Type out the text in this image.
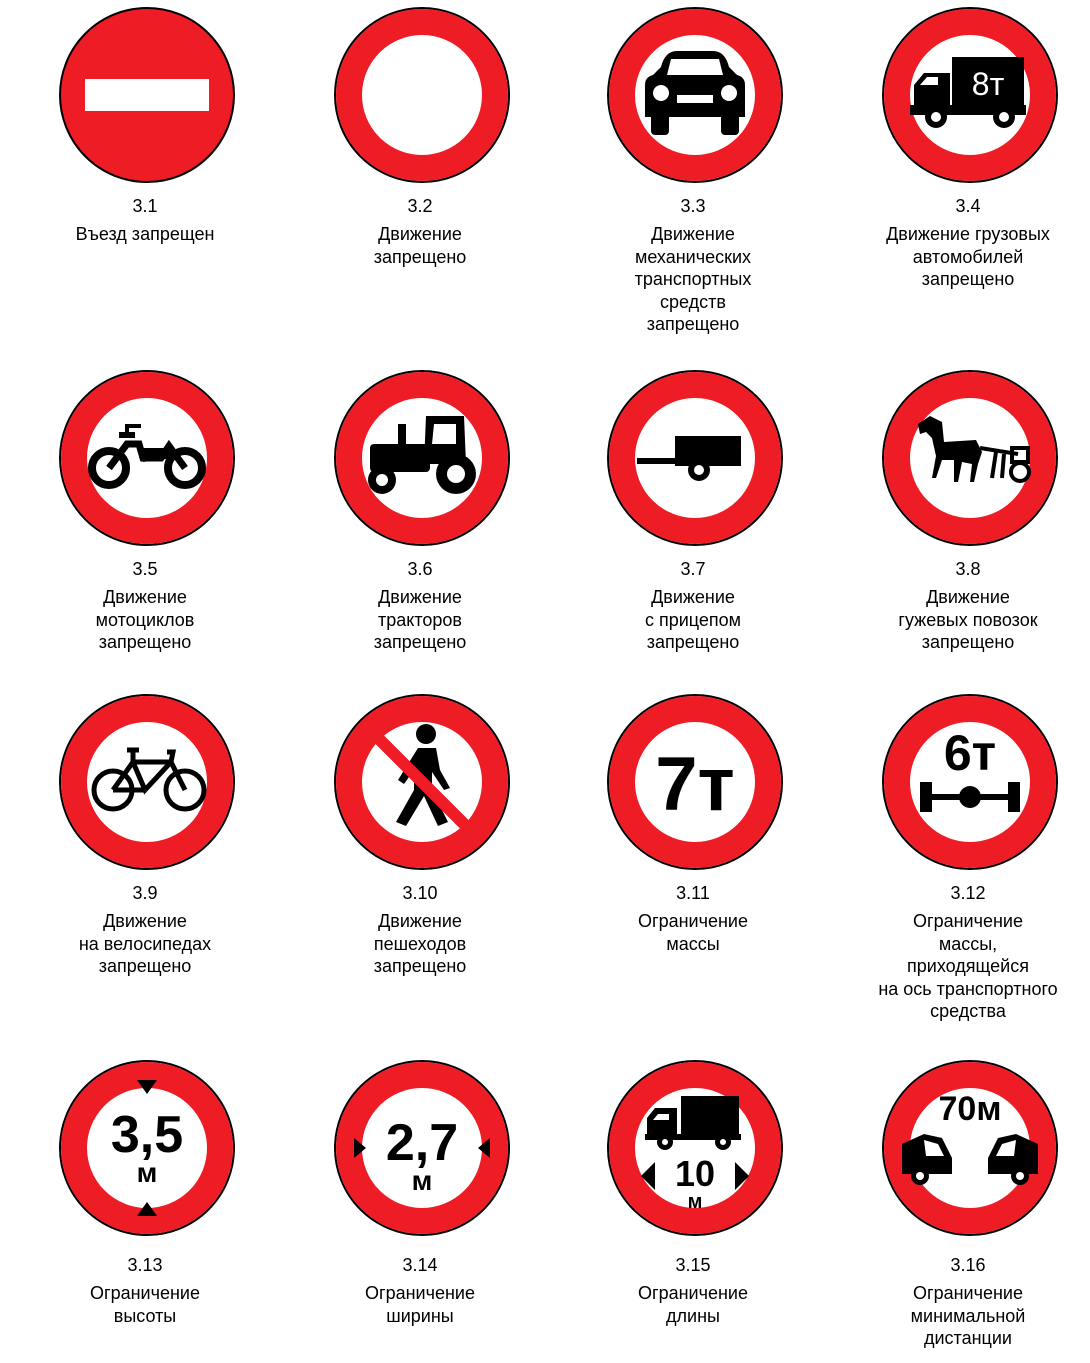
3.1
Въезд запрещен
3.2
Движение
запрещено
3.3
Движение
механических
транспортных
средств
запрещено
8т
3.4
Движение грузовых
автомобилей
запрещено
3.5
Движение
мотоциклов
запрещено
3.6
Движение
тракторов
запрещено
3.7
Движение
с прицепом
запрещено
3.8
Движение
гужевых повозок
запрещено
3.9
Движение
на велосипедах
запрещено
3.10
Движение
пешеходов
запрещено
7т
3.11
Ограничение
массы
6т
3.12
Ограничение
массы,
приходящейся
на ось транспортного
средства
3,5
м
3.13
Ограничение
высоты
2,7
м
3.14
Ограничение
ширины
10
м
3.15
Ограничение
длины
70м
3.16
Ограничение
минимальной
дистанции
